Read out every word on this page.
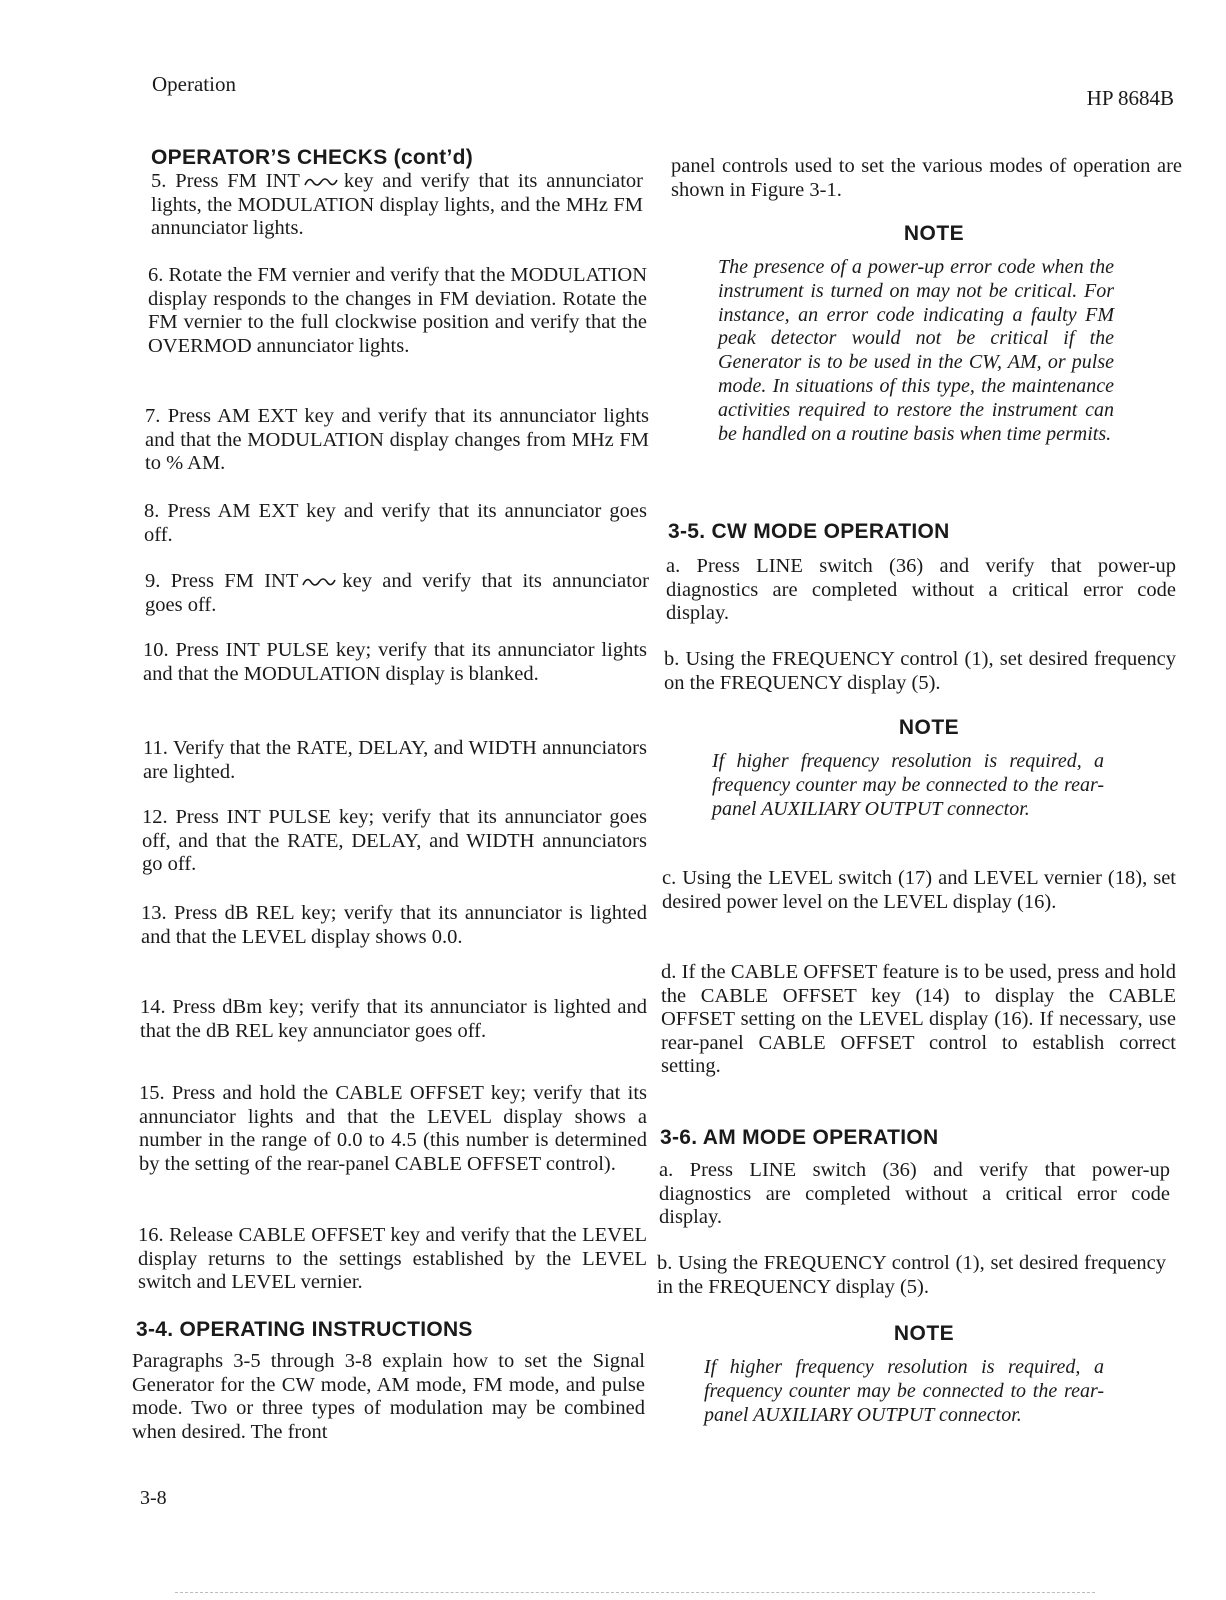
Operation
HP 8684B
OPERATOR’S CHECKS (cont’d)
5. Press FM INT key and verify that its annunciator lights, the MODULATION display lights, and the MHz FM annunciator lights.
6. Rotate the FM vernier and verify that the MODULATION display responds to the changes in FM deviation. Rotate the FM vernier to the full clockwise position and verify that the OVERMOD annunciator lights.
7. Press AM EXT key and verify that its annunciator lights and that the MODULATION display changes from MHz FM to % AM.
8. Press AM EXT key and verify that its annunciator goes off.
9. Press FM INT key and verify that its annunciator goes off.
10. Press INT PULSE key; verify that its annunciator lights and that the MODULATION display is blanked.
11. Verify that the RATE, DELAY, and WIDTH annunciators are lighted.
12. Press INT PULSE key; verify that its annunciator goes off, and that the RATE, DELAY, and WIDTH annunciators go off.
13. Press dB REL key; verify that its annunciator is lighted and that the LEVEL display shows 0.0.
14. Press dBm key; verify that its annunciator is lighted and that the dB REL key annunciator goes off.
15. Press and hold the CABLE OFFSET key; verify that its annunciator lights and that the LEVEL display shows a number in the range of 0.0 to 4.5 (this number is determined by the setting of the rear-panel CABLE OFFSET control).
16. Release CABLE OFFSET key and verify that the LEVEL display returns to the settings established by the LEVEL switch and LEVEL vernier.
3-4. OPERATING INSTRUCTIONS
Paragraphs 3-5 through 3-8 explain how to set the Signal Generator for the CW mode, AM mode, FM mode, and pulse mode. Two or three types of modulation may be combined when desired. The front
panel controls used to set the various modes of operation are shown in Figure 3-1.
NOTE
The presence of a power-up error code when the instrument is turned on may not be critical. For instance, an error code indicating a faulty FM peak detector would not be critical if the Generator is to be used in the CW, AM, or pulse mode. In situations of this type, the maintenance activities required to restore the instrument can be handled on a routine basis when time permits.
3-5. CW MODE OPERATION
a. Press LINE switch (36) and verify that power-up diagnostics are completed without a critical error code display.
b. Using the FREQUENCY control (1), set desired frequency on the FREQUENCY display (5).
NOTE
If higher frequency resolution is required, a frequency counter may be connected to the rear-panel AUXILIARY OUTPUT connector.
c. Using the LEVEL switch (17) and LEVEL vernier (18), set desired power level on the LEVEL display (16).
d. If the CABLE OFFSET feature is to be used, press and hold the CABLE OFFSET key (14) to display the CABLE OFFSET setting on the LEVEL display (16). If necessary, use rear-panel CABLE OFFSET control to establish correct setting.
3-6. AM MODE OPERATION
a. Press LINE switch (36) and verify that power-up diagnostics are completed without a critical error code display.
b. Using the FREQUENCY control (1), set desired frequency in the FREQUENCY display (5).
NOTE
If higher frequency resolution is required, a frequency counter may be connected to the rear-panel AUXILIARY OUTPUT connector.
3-8
